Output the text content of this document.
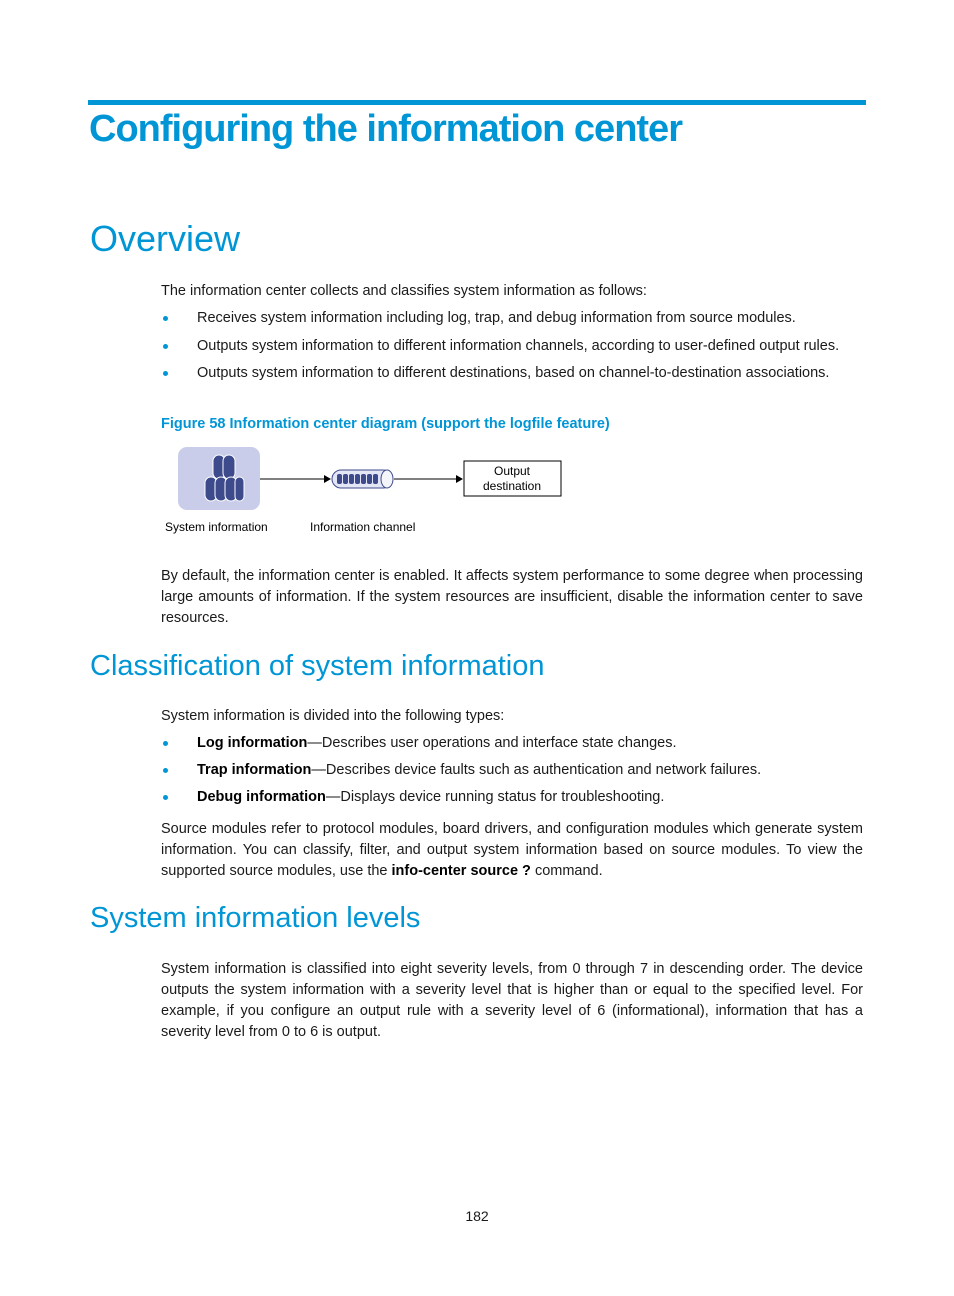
Configuring the information center
Overview

The information center collects and classifies system information as follows:

Receives system information including log, trap, and debug information from source modules.
Outputs system information to different information channels, according to user-defined output rules.
Outputs system information to different destinations, based on channel-to-destination associations.

Figure 58 Information center diagram (support the logfile feature)

Output
destination
System information	Information channel

By default, the information center is enabled. It affects system performance to some degree when processing large amounts of information. If the system resources are insufficient, disable the information center to save resources.

Classification of system information

System information is divided into the following types:

Log information—Describes user operations and interface state changes.
Trap information—Describes device faults such as authentication and network failures.
Debug information—Displays device running status for troubleshooting.

Source modules refer to protocol modules, board drivers, and configuration modules which generate system information. You can classify, filter, and output system information based on source modules. To view the supported source modules, use the info-center source ? command.

System information levels

System information is classified into eight severity levels, from 0 through 7 in descending order. The device outputs the system information with a severity level that is higher than or equal to the specified level. For example, if you configure an output rule with a severity level of 6 (informational), information that has a severity level from 0 to 6 is output.

182
